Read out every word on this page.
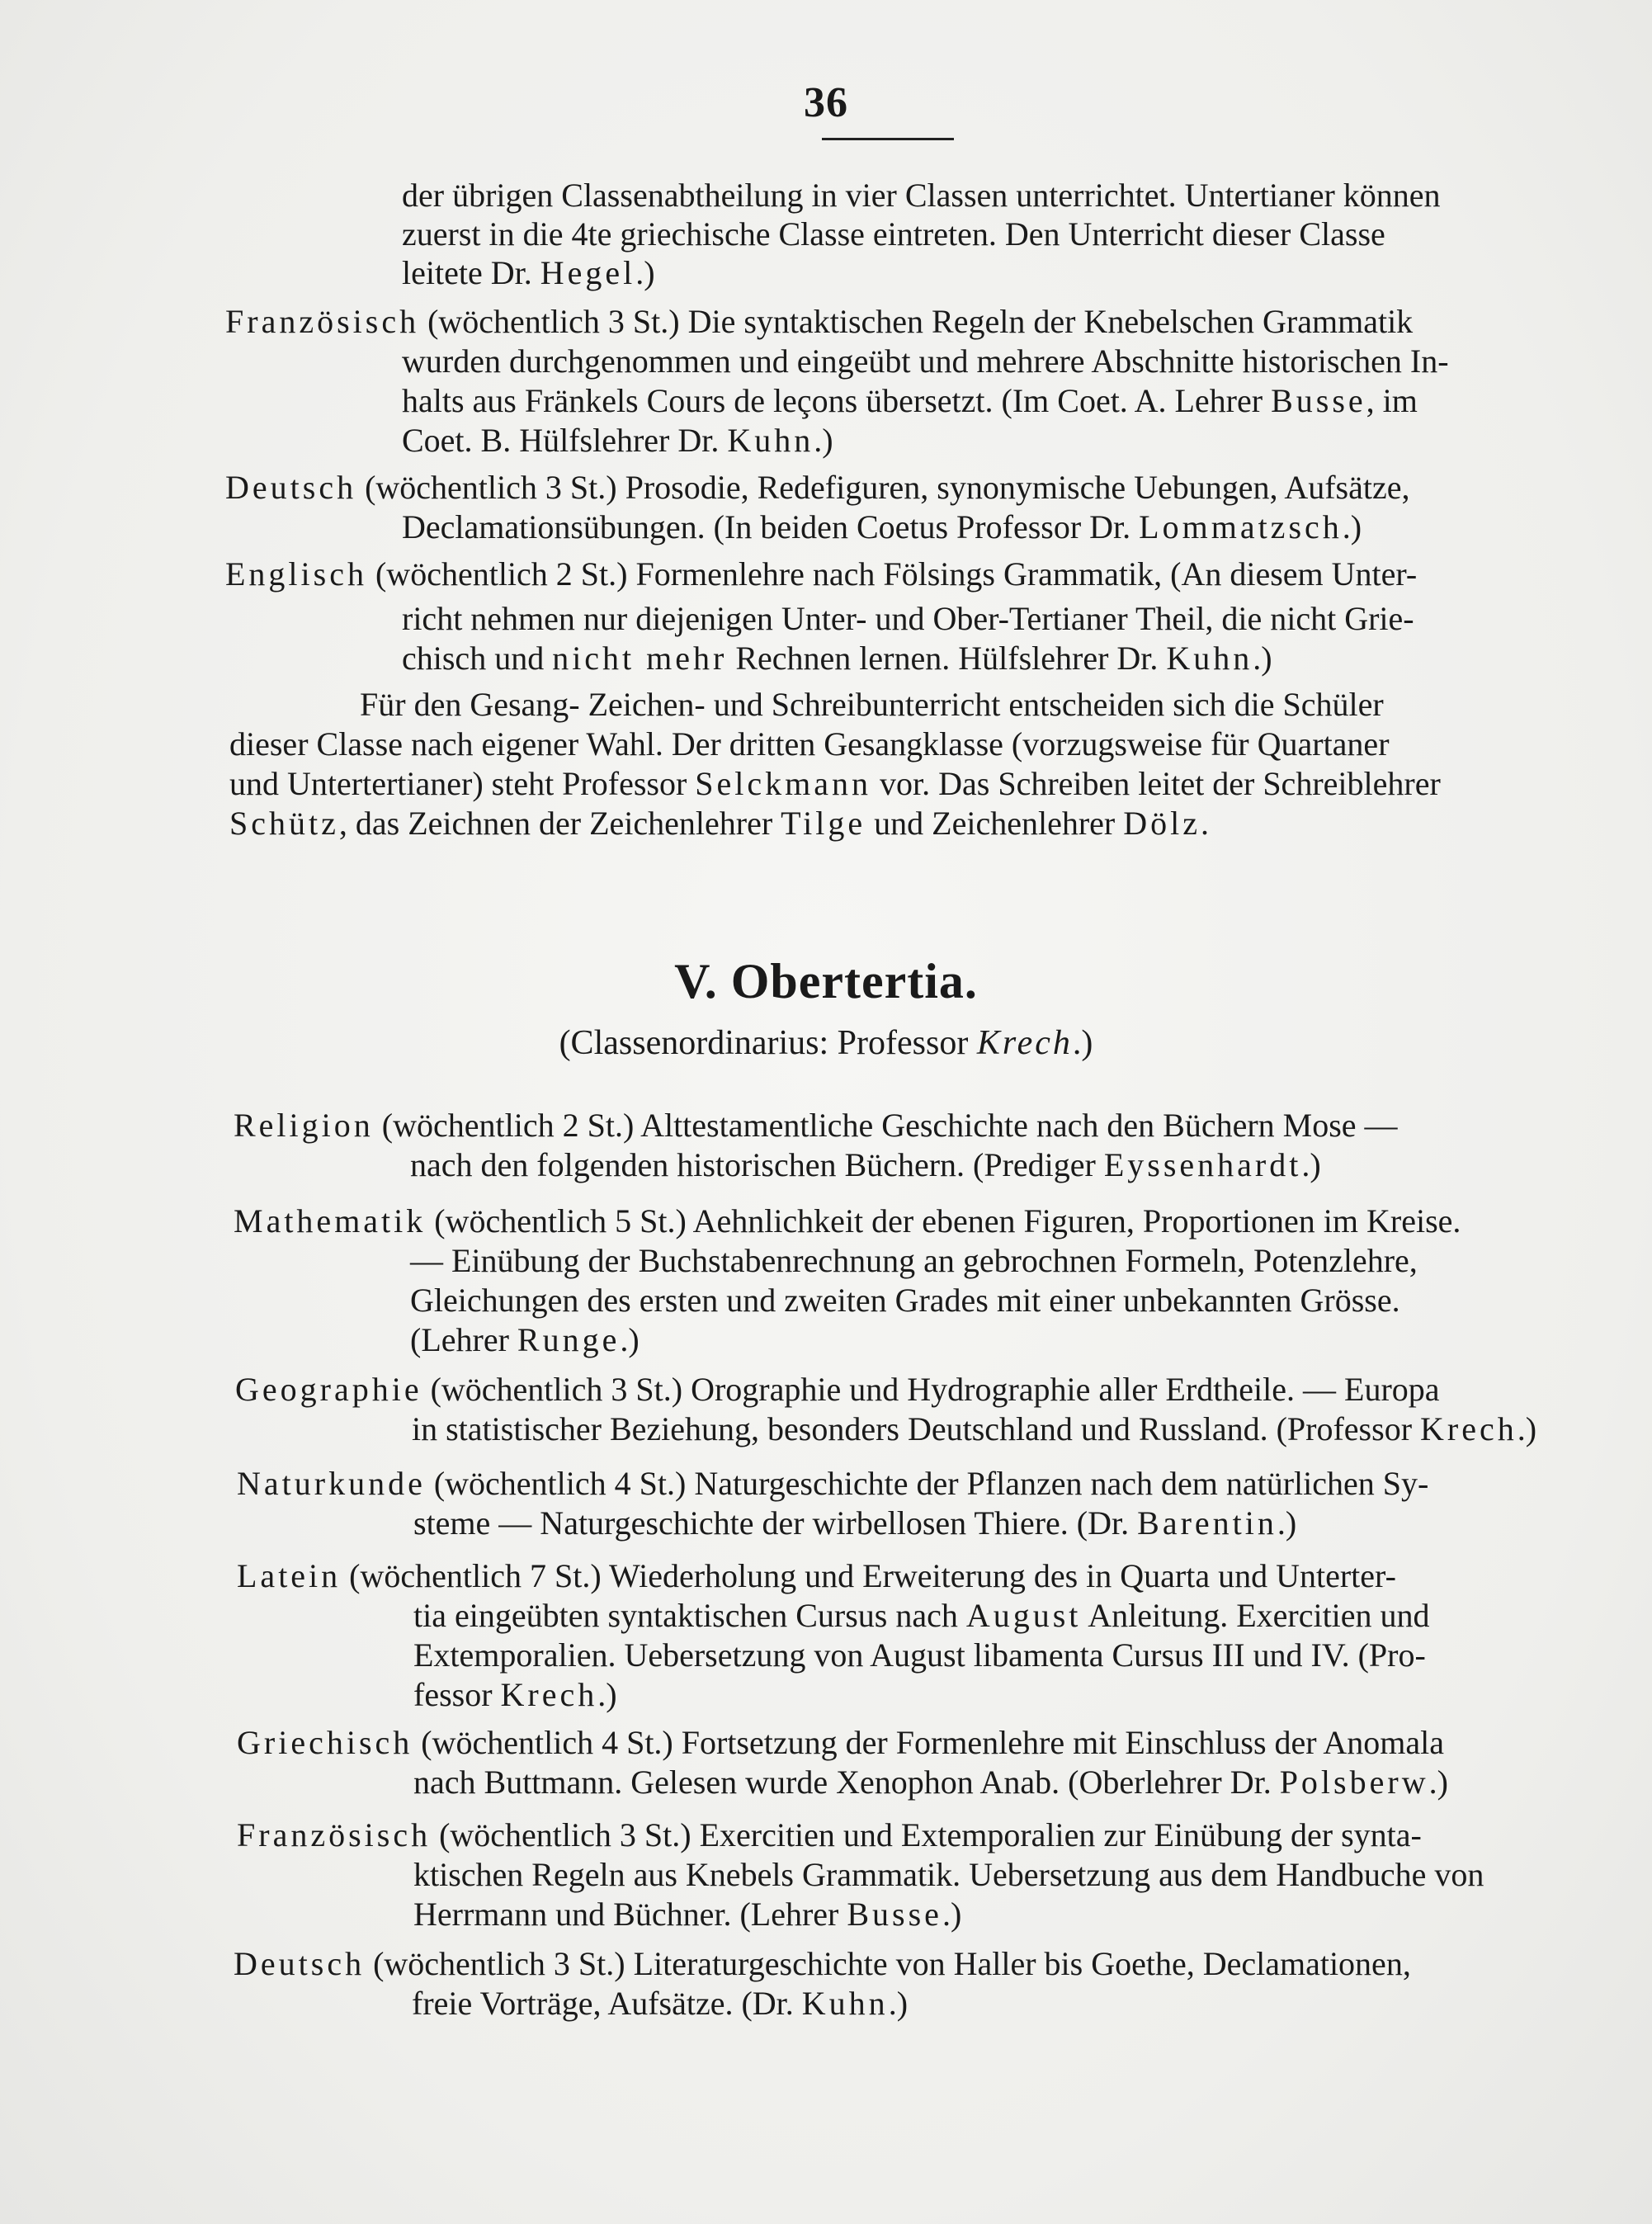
36
der übrigen Classenabtheilung in vier Classen unterrichtet. Untertianer können
zuerst in die 4te griechische Classe eintreten. Den Unterricht dieser Classe
leitete Dr. Hegel.)
Französisch (wöchentlich 3 St.) Die syntaktischen Regeln der Knebelschen Grammatik
wurden durchgenommen und eingeübt und mehrere Abschnitte historischen In-
halts aus Fränkels Cours de leçons übersetzt. (Im Coet. A. Lehrer Busse, im
Coet. B. Hülfslehrer Dr. Kuhn.)
Deutsch (wöchentlich 3 St.) Prosodie, Redefiguren, synonymische Uebungen, Aufsätze,
Declamationsübungen. (In beiden Coetus Professor Dr. Lommatzsch.)
Englisch (wöchentlich 2 St.) Formenlehre nach Fölsings Grammatik, (An diesem Unter-
richt nehmen nur diejenigen Unter- und Ober-Tertianer Theil, die nicht Grie-
chisch und nicht mehr Rechnen lernen. Hülfslehrer Dr. Kuhn.)
Für den Gesang- Zeichen- und Schreibunterricht entscheiden sich die Schüler
dieser Classe nach eigener Wahl. Der dritten Gesangklasse (vorzugsweise für Quartaner
und Untertertianer) steht Professor Selckmann vor. Das Schreiben leitet der Schreiblehrer
Schütz, das Zeichnen der Zeichenlehrer Tilge und Zeichenlehrer Dölz.
V. Obertertia.
(Classenordinarius: Professor Krech.)
Religion (wöchentlich 2 St.) Alttestamentliche Geschichte nach den Büchern Mose —
nach den folgenden historischen Büchern. (Prediger Eyssenhardt.)
Mathematik (wöchentlich 5 St.) Aehnlichkeit der ebenen Figuren, Proportionen im Kreise.
— Einübung der Buchstabenrechnung an gebrochnen Formeln, Potenzlehre,
Gleichungen des ersten und zweiten Grades mit einer unbekannten Grösse.
(Lehrer Runge.)
Geographie (wöchentlich 3 St.) Orographie und Hydrographie aller Erdtheile. — Europa
in statistischer Beziehung, besonders Deutschland und Russland. (Professor Krech.)
Naturkunde (wöchentlich 4 St.) Naturgeschichte der Pflanzen nach dem natürlichen Sy-
steme — Naturgeschichte der wirbellosen Thiere. (Dr. Barentin.)
Latein (wöchentlich 7 St.) Wiederholung und Erweiterung des in Quarta und Unterter-
tia eingeübten syntaktischen Cursus nach August Anleitung. Exercitien und
Extemporalien. Uebersetzung von August libamenta Cursus III und IV. (Pro-
fessor Krech.)
Griechisch (wöchentlich 4 St.) Fortsetzung der Formenlehre mit Einschluss der Anomala
nach Buttmann. Gelesen wurde Xenophon Anab. (Oberlehrer Dr. Polsberw.)
Französisch (wöchentlich 3 St.) Exercitien und Extemporalien zur Einübung der synta-
ktischen Regeln aus Knebels Grammatik. Uebersetzung aus dem Handbuche von
Herrmann und Büchner. (Lehrer Busse.)
Deutsch (wöchentlich 3 St.) Literaturgeschichte von Haller bis Goethe, Declamationen,
freie Vorträge, Aufsätze. (Dr. Kuhn.)
